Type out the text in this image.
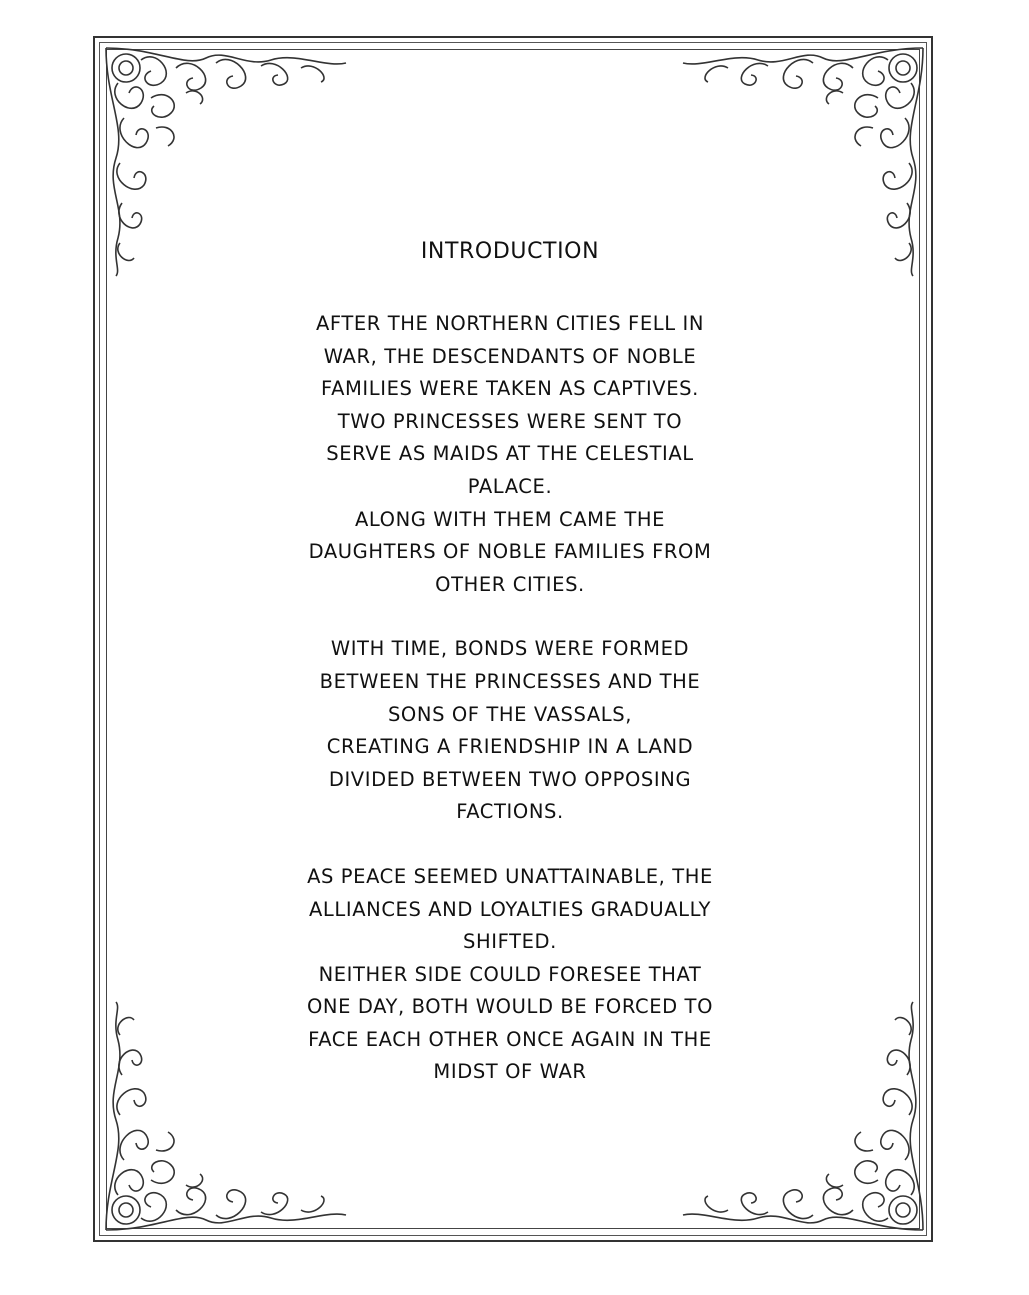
INTRODUCTION
AFTER THE NORTHERN CITIES FELL IN
WAR, THE DESCENDANTS OF NOBLE
FAMILIES WERE TAKEN AS CAPTIVES.
TWO PRINCESSES WERE SENT TO
SERVE AS MAIDS AT THE CELESTIAL
PALACE.
ALONG WITH THEM CAME THE
DAUGHTERS OF NOBLE FAMILIES FROM
OTHER CITIES.
WITH TIME, BONDS WERE FORMED
BETWEEN THE PRINCESSES AND THE
SONS OF THE VASSALS,
CREATING A FRIENDSHIP IN A LAND
DIVIDED BETWEEN TWO OPPOSING
FACTIONS.
AS PEACE SEEMED UNATTAINABLE, THE
ALLIANCES AND LOYALTIES GRADUALLY
SHIFTED.
NEITHER SIDE COULD FORESEE THAT
ONE DAY, BOTH WOULD BE FORCED TO
FACE EACH OTHER ONCE AGAIN IN THE
MIDST OF WAR
